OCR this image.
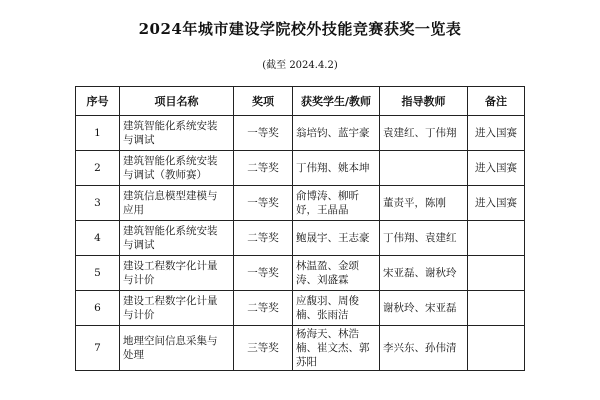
2024年城市建设学院校外技能竞赛获奖一览表
(截至 2024.4.2)
序号	项目名称	奖项	获奖学生/教师	指导教师	备注
1	建筑智能化系统安装
与调试	一等奖	翁培钧、蓝宇豪	袁建红、丁伟翔	进入国赛
2	建筑智能化系统安装
与调试（教师赛）	二等奖	丁伟翔、姚本坤		进入国赛
3	建筑信息模型建模与
应用	一等奖	俞博涛、柳昕
妤，王晶晶	董责平，陈刚	进入国赛
4	建筑智能化系统安装
与调试	二等奖	鲍晟宇、王志豪	丁伟翔、袁建红	
5	建设工程数字化计量
与计价	一等奖	林温盈、金颂
涛、刘盛霖	宋亚磊、谢秋玲	
6	建设工程数字化计量
与计价	二等奖	应馥羽、周俊
楠、张雨洁	谢秋玲、宋亚磊	
7	地理空间信息采集与
处理	三等奖	杨海天、林浩
楠、崔文杰、郭
苏阳	李兴东、孙伟清	
